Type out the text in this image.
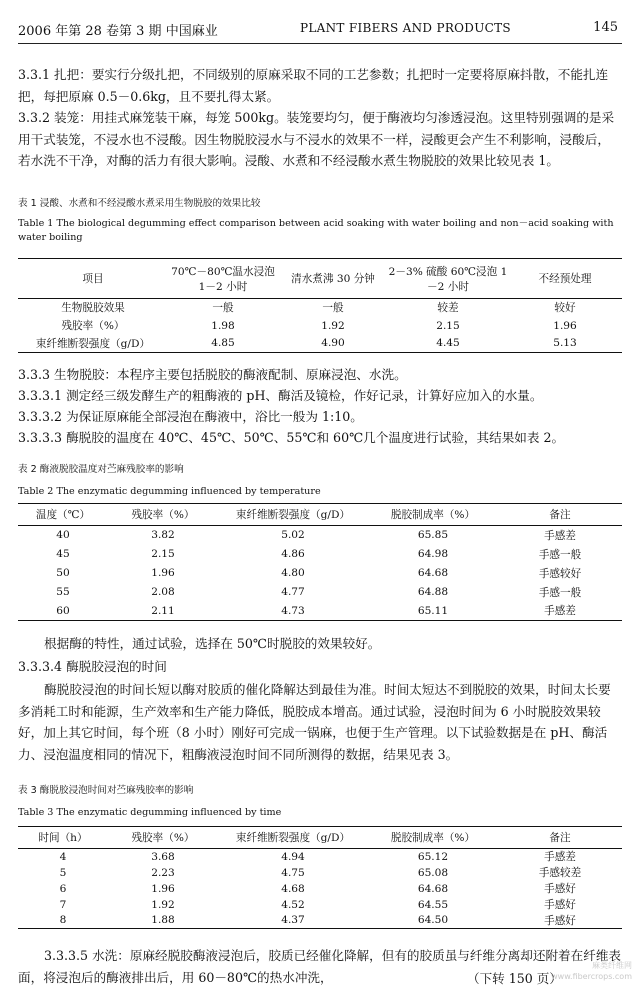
2006 年第 28 卷第 3 期 中国麻业	PLANT FIBERS AND PRODUCTS	145

3.3.1 扎把：要实行分级扎把，不同级别的原麻采取不同的工艺参数；扎把时一定要将原麻抖散，不能扎连把，每把原麻 0.5－0.6kg，且不要扎得太紧。

3.3.2 装笼：用挂式麻笼装干麻，每笼 500kg。装笼要均匀，便于酶液均匀渗透浸泡。这里特别强调的是采用干式装笼，不浸水也不浸酸。因生物脱胶浸水与不浸水的效果不一样，浸酸更会产生不利影响，浸酸后，若水洗不干净，对酶的活力有很大影响。浸酸、水煮和不经浸酸水煮生物脱胶的效果比较见表 1。

表 1 浸酸、水煮和不经浸酸水煮采用生物脱胶的效果比较

Table 1 The biological degumming effect comparison between acid soaking with water boiling and non－acid soaking with water boiling

项目	70℃－80℃温水浸泡 1－2 小时	清水煮沸 30 分钟	2－3% 硫酸 60℃浸泡 1－2 小时	不经预处理
生物脱胶效果	一般	一般	较差	较好
残胶率（%）	1.98	1.92	2.15	1.96
束纤维断裂强度（g/D）	4.85	4.90	4.45	5.13

3.3.3 生物脱胶：本程序主要包括脱胶的酶液配制、原麻浸泡、水洗。

3.3.3.1 测定经三级发酵生产的粗酶液的 pH、酶活及镜检，作好记录，计算好应加入的水量。

3.3.3.2 为保证原麻能全部浸泡在酶液中，浴比一般为 1:10。

3.3.3.3 酶脱胶的温度在 40℃、45℃、50℃、55℃和 60℃几个温度进行试验，其结果如表 2。

表 2 酶液脱胶温度对苎麻残胶率的影响

Table 2 The enzymatic degumming influenced by temperature

温度（℃）	残胶率（%）	束纤维断裂强度（g/D）	脱胶制成率（%）	备注
40	3.82	5.02	65.85	手感差
45	2.15	4.86	64.98	手感一般
50	1.96	4.80	64.68	手感较好
55	2.08	4.77	64.88	手感一般
60	2.11	4.73	65.11	手感差

根据酶的特性，通过试验，选择在 50℃时脱胶的效果较好。

3.3.3.4 酶脱胶浸泡的时间

酶脱胶浸泡的时间长短以酶对胶质的催化降解达到最佳为准。时间太短达不到脱胶的效果，时间太长要多消耗工时和能源，生产效率和生产能力降低，脱胶成本增高。通过试验，浸泡时间为 6 小时脱胶效果较好，加上其它时间，每个班（8 小时）刚好可完成一锅麻，也便于生产管理。以下试验数据是在 pH、酶活力、浸泡温度相同的情况下，粗酶液浸泡时间不同所测得的数据，结果见表 3。

表 3 酶脱胶浸泡时间对苎麻残胶率的影响

Table 3 The enzymatic degumming influenced by time

时间（h）	残胶率（%）	束纤维断裂强度（g/D）	脱胶制成率（%）	备注
4	3.68	4.94	65.12	手感差
5	2.23	4.75	65.08	手感较差
6	1.96	4.68	64.68	手感好
7	1.92	4.52	64.55	手感好
8	1.88	4.37	64.50	手感好

3.3.3.5 水洗：原麻经脱胶酶液浸泡后，胶质已经催化降解，但有的胶质虽与纤维分离却还附着在纤维表面，将浸泡后的酶液排出后，用 60－80℃的热水冲洗，	（下转 150 页）
麻类纤维网
www.fibercrops.com
